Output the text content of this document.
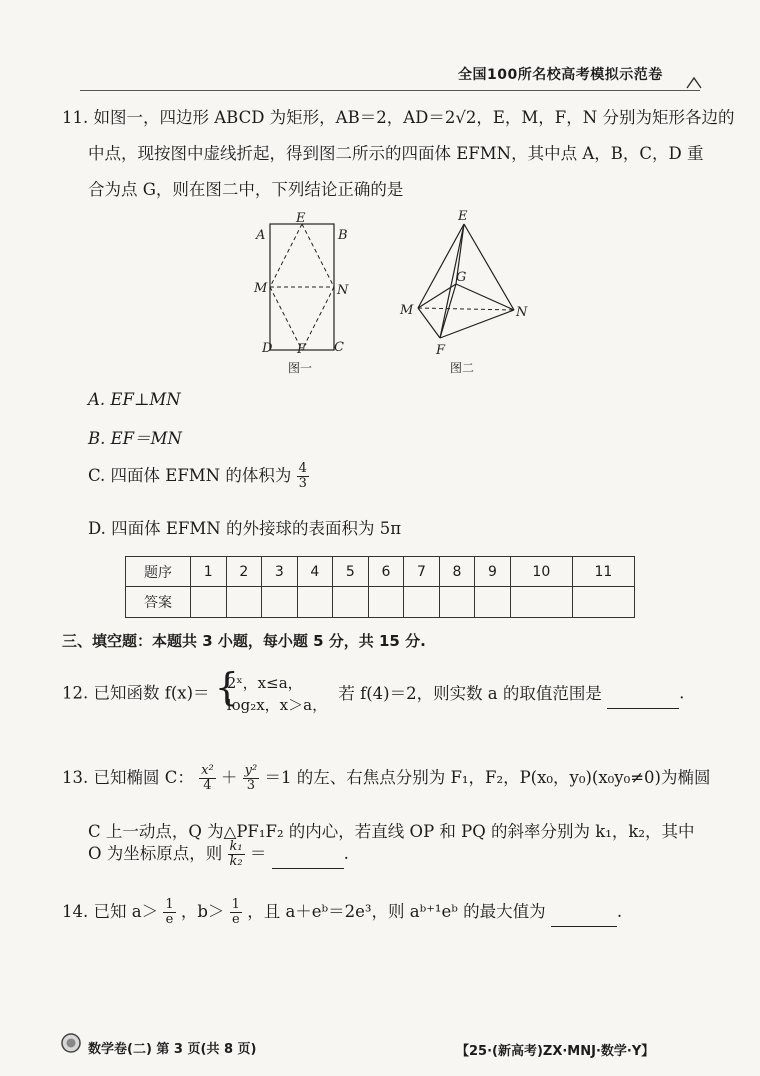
全国100所名校高考模拟示范卷
11. 如图一，四边形 ABCD 为矩形，AB＝2，AD＝2√2，E，M，F，N 分别为矩形各边的
中点，现按图中虚线折起，得到图二所示的四面体 EFMN，其中点 A，B，C，D 重
合为点 G，则在图二中，下列结论正确的是
A	B
E
M	N
D F C
图一
E
G
M	N
F
图二
A. EF⊥MN
B. EF＝MN
C. 四面体 EFMN 的体积为 $\frac{4}{3}$
D. 四面体 EFMN 的外接球的表面积为 5π
题序	1	2	3	4	5	6	7	8	9	10	11
答案											
三、填空题：本题共 3 小题，每小题 5 分，共 15 分.
12. 已知函数 f(x)＝ {
2ˣ，x≤a，
log₂x，x＞a，
若 f(4)＝2，则实数 a 的取值范围是	.
13. 已知椭圆 C： $\frac{\text{x²}}{4} + \frac{\text{y²}}{3} =1$ 的左、右焦点分别为 F₁，F₂，P(x₀，y₀)(x₀y₀≠0)为椭圆
C 上一动点，Q 为△PF₁F₂ 的内心，若直线 OP 和 PQ 的斜率分别为 k₁，k₂，其中
O 为坐标原点，则 $\frac{\text{k₁}}{\text{k₂}}$ ＝	.
14. 已知 $a> \frac{1}{e}$ ，$b> \frac{1}{e}$ ，且 a＋eᵇ＝2e³，则 aᵇ⁺¹eᵇ 的最大值为	.
数学卷(二) 第 3 页(共 8 页)	【25·(新高考)ZX·MNJ·数学·Y】
